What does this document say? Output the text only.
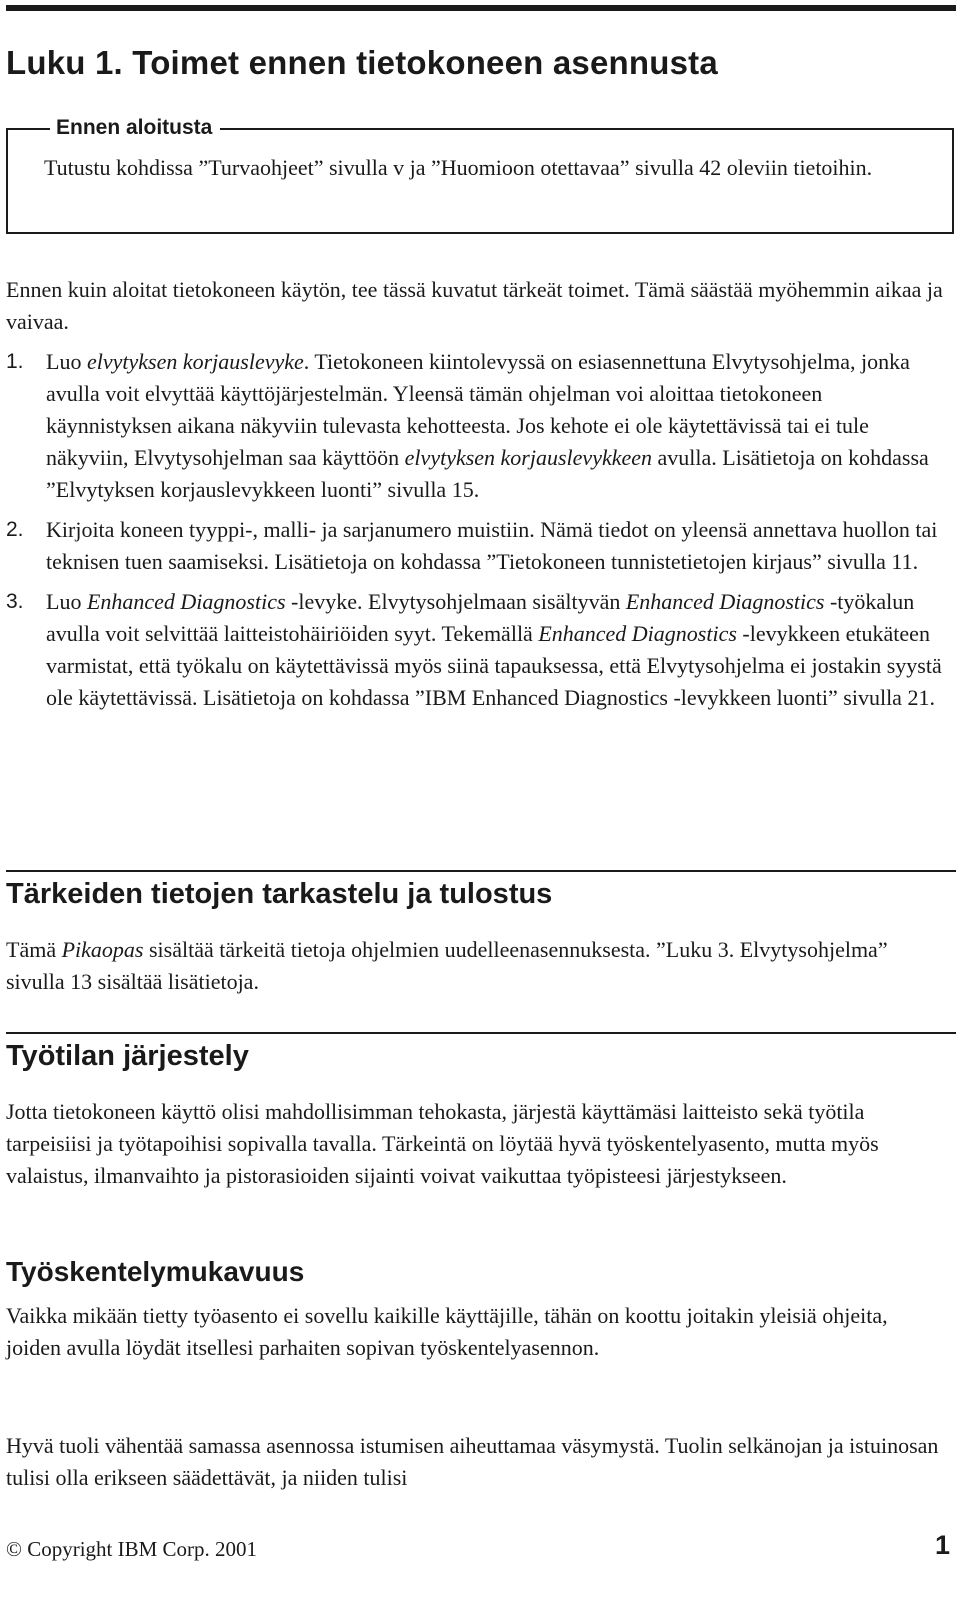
Luku 1. Toimet ennen tietokoneen asennusta
Ennen aloitusta
Tutustu kohdissa ”Turvaohjeet” sivulla v ja ”Huomioon otettavaa” sivulla 42 oleviin tietoihin.

Ennen kuin aloitat tietokoneen käytön, tee tässä kuvatut tärkeät toimet. Tämä säästää myöhemmin aikaa ja vaivaa.

1. Luo elvytyksen korjauslevyke. Tietokoneen kiintolevyssä on esiasennettuna Elvytysohjelma, jonka avulla voit elvyttää käyttöjärjestelmän. Yleensä tämän ohjelman voi aloittaa tietokoneen käynnistyksen aikana näkyviin tulevasta kehotteesta. Jos kehote ei ole käytettävissä tai ei tule näkyviin, Elvytysohjelman saa käyttöön elvytyksen korjauslevykkeen avulla. Lisätietoja on kohdassa ”Elvytyksen korjauslevykkeen luonti” sivulla 15.
2. Kirjoita koneen tyyppi-, malli- ja sarjanumero muistiin. Nämä tiedot on yleensä annettava huollon tai teknisen tuen saamiseksi. Lisätietoja on kohdassa ”Tietokoneen tunnistetietojen kirjaus” sivulla 11.
3. Luo Enhanced Diagnostics -levyke. Elvytysohjelmaan sisältyvän Enhanced Diagnostics -työkalun avulla voit selvittää laitteistohäiriöiden syyt. Tekemällä Enhanced Diagnostics -levykkeen etukäteen varmistat, että työkalu on käytettävissä myös siinä tapauksessa, että Elvytysohjelma ei jostakin syystä ole käytettävissä. Lisätietoja on kohdassa ”IBM Enhanced Diagnostics -levykkeen luonti” sivulla 21.
Tärkeiden tietojen tarkastelu ja tulostus

Tämä Pikaopas sisältää tärkeitä tietoja ohjelmien uudelleenasennuksesta. ”Luku 3. Elvytysohjelma” sivulla 13 sisältää lisätietoja.

Työtilan järjestely

Jotta tietokoneen käyttö olisi mahdollisimman tehokasta, järjestä käyttämäsi laitteisto sekä työtila tarpeisiisi ja työtapoihisi sopivalla tavalla. Tärkeintä on löytää hyvä työskentelyasento, mutta myös valaistus, ilmanvaihto ja pistorasioiden sijainti voivat vaikuttaa työpisteesi järjestykseen.

Työskentelymukavuus

Vaikka mikään tietty työasento ei sovellu kaikille käyttäjille, tähän on koottu joitakin yleisiä ohjeita, joiden avulla löydät itsellesi parhaiten sopivan työskentelyasennon.

Hyvä tuoli vähentää samassa asennossa istumisen aiheuttamaa väsymystä. Tuolin selkänojan ja istuinosan tulisi olla erikseen säädettävät, ja niiden tulisi

© Copyright IBM Corp. 2001	1
